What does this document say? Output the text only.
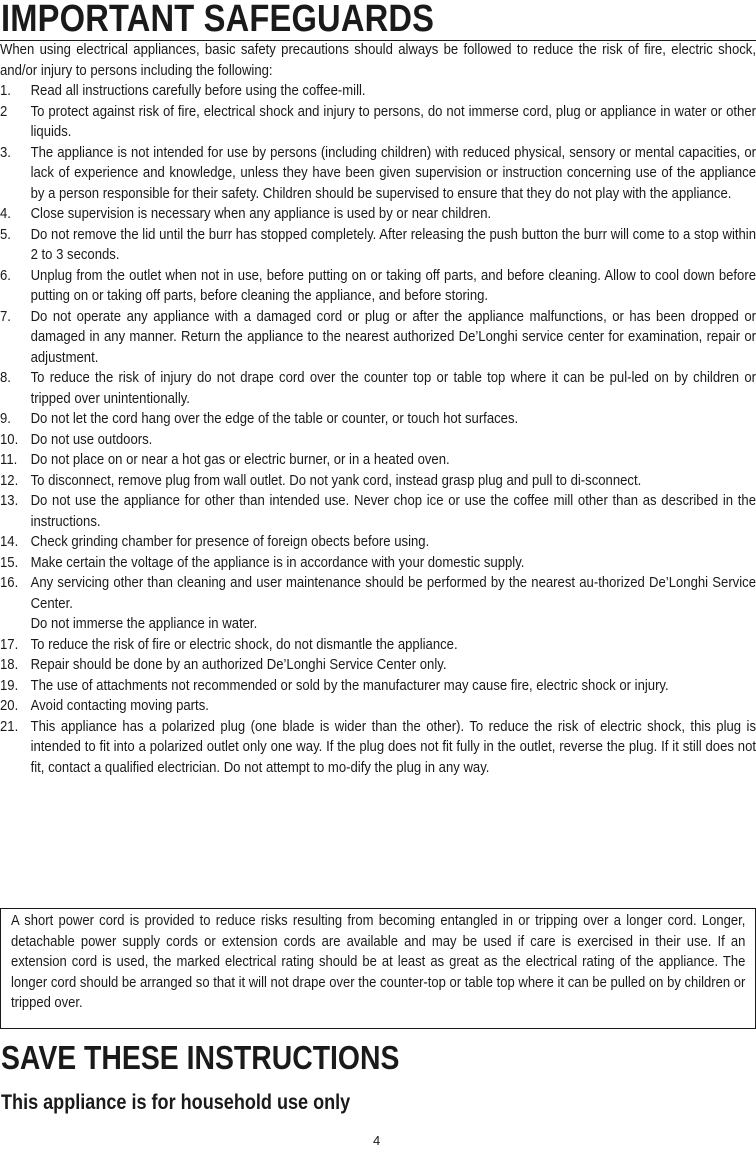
IMPORTANT SAFEGUARDS

When using electrical appliances, basic safety precautions should always be followed to reduce the risk of fire, electric shock, and/or injury to persons including the following:

1. Read all instructions carefully before using the coffee-mill.
2 To protect against risk of fire, electrical shock and injury to persons, do not immerse cord, plug or appliance in water or other liquids.
3. The appliance is not intended for use by persons (including children) with reduced physical, sensory or mental capacities, or lack of experience and knowledge, unless they have been given supervision or instruction concerning use of the appliance by a person responsible for their safety. Children should be supervised to ensure that they do not play with the appliance.
4. Close supervision is necessary when any appliance is used by or near children.
5. Do not remove the lid until the burr has stopped completely. After releasing the push button the burr will come to a stop within 2 to 3 seconds.
6. Unplug from the outlet when not in use, before putting on or taking off parts, and before cleaning. Allow to cool down before putting on or taking off parts, before cleaning the appliance, and before storing.
7. Do not operate any appliance with a damaged cord or plug or after the appliance malfunctions, or has been dropped or damaged in any manner. Return the appliance to the nearest authorized De’Longhi service center for examination, repair or adjustment.
8. To reduce the risk of injury do not drape cord over the counter top or table top where it can be pul-led on by children or tripped over unintentionally.
9. Do not let the cord hang over the edge of the table or counter, or touch hot surfaces.
10. Do not use outdoors.
11. Do not place on or near a hot gas or electric burner, or in a heated oven.
12. To disconnect, remove plug from wall outlet. Do not yank cord, instead grasp plug and pull to di-sconnect.
13. Do not use the appliance for other than intended use. Never chop ice or use the coffee mill other than as described in the instructions.
14. Check grinding chamber for presence of foreign obects before using.
15. Make certain the voltage of the appliance is in accordance with your domestic supply.
16. Any servicing other than cleaning and user maintenance should be performed by the nearest au-thorized De’Longhi Service Center.
Do not immerse the appliance in water.
17. To reduce the risk of fire or electric shock, do not dismantle the appliance.
18. Repair should be done by an authorized De’Longhi Service Center only.
19. The use of attachments not recommended or sold by the manufacturer may cause fire, electric shock or injury.
20. Avoid contacting moving parts.
21. This appliance has a polarized plug (one blade is wider than the other). To reduce the risk of electric shock, this plug is intended to fit into a polarized outlet only one way. If the plug does not fit fully in the outlet, reverse the plug. If it still does not fit, contact a qualified electrician. Do not attempt to mo-dify the plug in any way.
A short power cord is provided to reduce risks resulting from becoming entangled in or tripping over a longer cord. Longer, detachable power supply cords or extension cords are available and may be used if care is exercised in their use. If an extension cord is used, the marked electrical rating should be at least as great as the electrical rating of the appliance. The longer cord should be arranged so that it will not drape over the counter-top or table top where it can be pulled on by children or tripped over.
SAVE THESE INSTRUCTIONS
This appliance is for household use only
4
